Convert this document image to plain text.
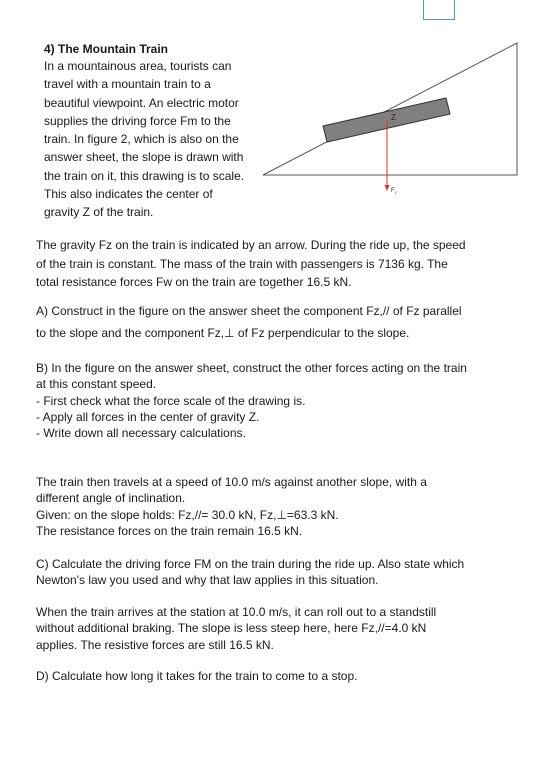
4) The Mountain Train
In a mountainous area, tourists can
travel with a mountain train to a
beautiful viewpoint. An electric motor
supplies the driving force Fm to the
train. In figure 2, which is also on the
answer sheet, the slope is drawn with
the train on it, this drawing is to scale.
This also indicates the center of
gravity Z of the train.
Z
$F_z$
The gravity Fz on the train is indicated by an arrow. During the ride up, the speed
of the train is constant. The mass of the train with passengers is 7136 kg. The
total resistance forces Fw on the train are together 16.5 kN.
A) Construct in the figure on the answer sheet the component Fz,// of Fz parallel
to the slope and the component Fz,⊥ of Fz perpendicular to the slope.
B) In the figure on the answer sheet, construct the other forces acting on the train
at this constant speed.
- First check what the force scale of the drawing is.
- Apply all forces in the center of gravity Z.
- Write down all necessary calculations.
The train then travels at a speed of 10.0 m/s against another slope, with a
different angle of inclination.
Given: on the slope holds: Fz,//= 30.0 kN, Fz,⊥=63.3 kN.
The resistance forces on the train remain 16.5 kN.
C) Calculate the driving force FM on the train during the ride up. Also state which
Newton's law you used and why that law applies in this situation.
When the train arrives at the station at 10.0 m/s, it can roll out to a standstill
without additional braking. The slope is less steep here, here Fz,//=4.0 kN
applies. The resistive forces are still 16.5 kN.
D) Calculate how long it takes for the train to come to a stop.
